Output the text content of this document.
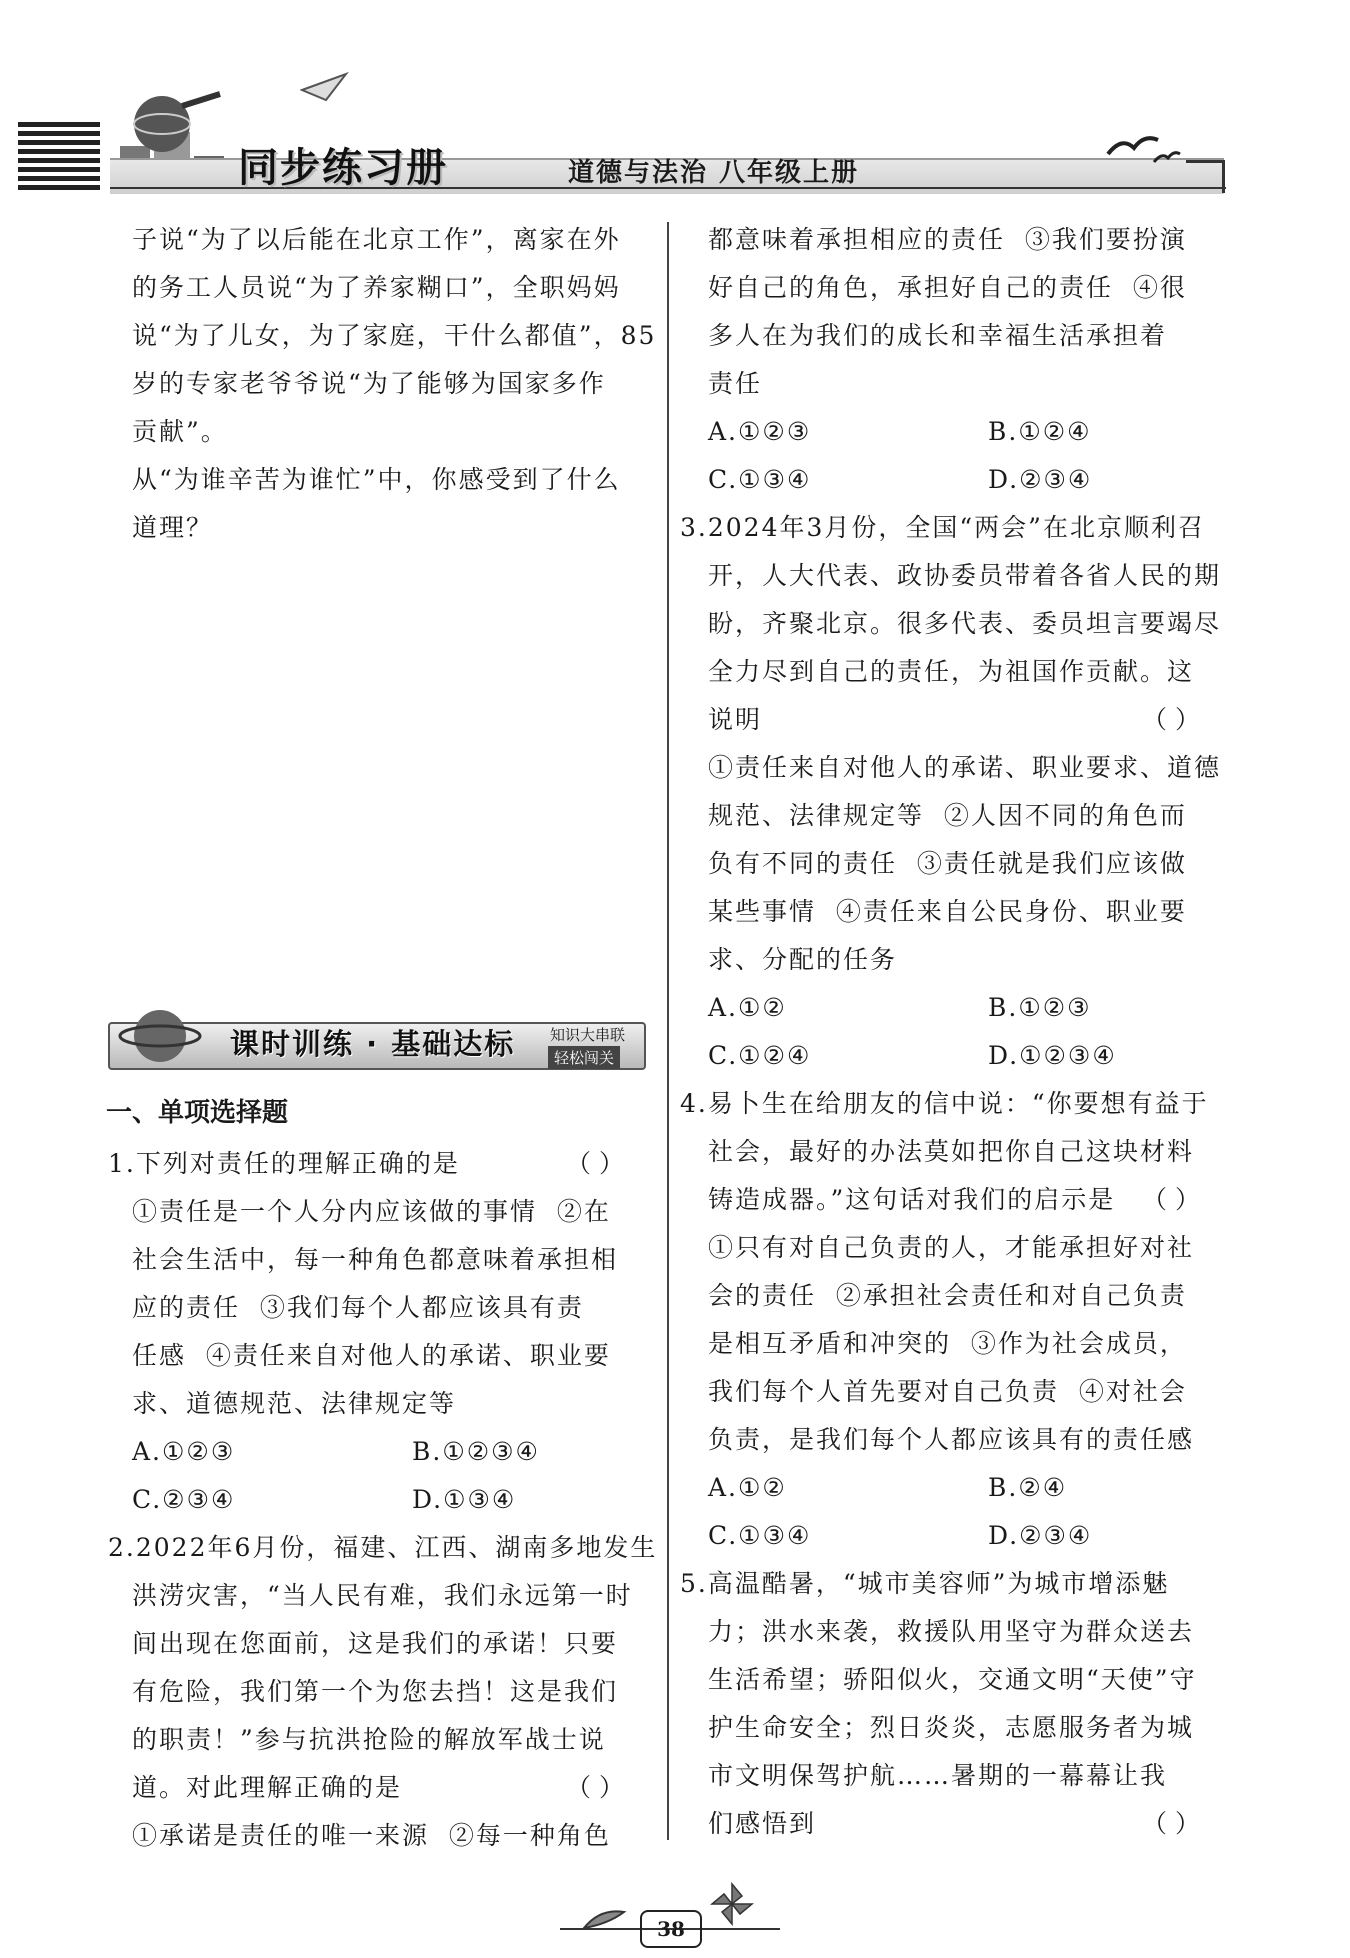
同步练习册	道德与法治 八年级上册
子说“为了以后能在北京工作”，离家在外
的务工人员说“为了养家糊口”，全职妈妈
说“为了儿女，为了家庭，干什么都值”，85
岁的专家老爷爷说“为了能够为国家多作
贡献”。
从“为谁辛苦为谁忙”中，你感受到了什么
道理？
课时训练 · 基础达标 知识大串联
轻松闯关
一、单项选择题
1.下列对责任的理解正确的是	（ ）
①责任是一个人分内应该做的事情  ②在
社会生活中，每一种角色都意味着承担相
应的责任  ③我们每个人都应该具有责
任感  ④责任来自对他人的承诺、职业要
求、道德规范、法律规定等
A.①②③	B.①②③④
C.②③④	D.①③④
2.2022年6月份，福建、江西、湖南多地发生
洪涝灾害，“当人民有难，我们永远第一时
间出现在您面前，这是我们的承诺！只要
有危险，我们第一个为您去挡！这是我们
的职责！”参与抗洪抢险的解放军战士说
道。对此理解正确的是	（ ）
①承诺是责任的唯一来源  ②每一种角色
都意味着承担相应的责任  ③我们要扮演
好自己的角色，承担好自己的责任  ④很
多人在为我们的成长和幸福生活承担着
责任
A.①②③	B.①②④
C.①③④	D.②③④
3.2024年3月份，全国“两会”在北京顺利召
开，人大代表、政协委员带着各省人民的期
盼，齐聚北京。很多代表、委员坦言要竭尽
全力尽到自己的责任，为祖国作贡献。这
说明	（ ）
①责任来自对他人的承诺、职业要求、道德
规范、法律规定等  ②人因不同的角色而
负有不同的责任  ③责任就是我们应该做
某些事情  ④责任来自公民身份、职业要
求、分配的任务
A.①②	B.①②③
C.①②④	D.①②③④
4.易卜生在给朋友的信中说：“你要想有益于
社会，最好的办法莫如把你自己这块材料
铸造成器。”这句话对我们的启示是 （ ）
①只有对自己负责的人，才能承担好对社
会的责任  ②承担社会责任和对自己负责
是相互矛盾和冲突的  ③作为社会成员，
我们每个人首先要对自己负责  ④对社会
负责，是我们每个人都应该具有的责任感
A.①②	B.②④
C.①③④	D.②③④
5.高温酷暑，“城市美容师”为城市增添魅
力；洪水来袭，救援队用坚守为群众送去
生活希望；骄阳似火，交通文明“天使”守
护生命安全；烈日炎炎，志愿服务者为城
市文明保驾护航……暑期的一幕幕让我
们感悟到	（ ）
38
